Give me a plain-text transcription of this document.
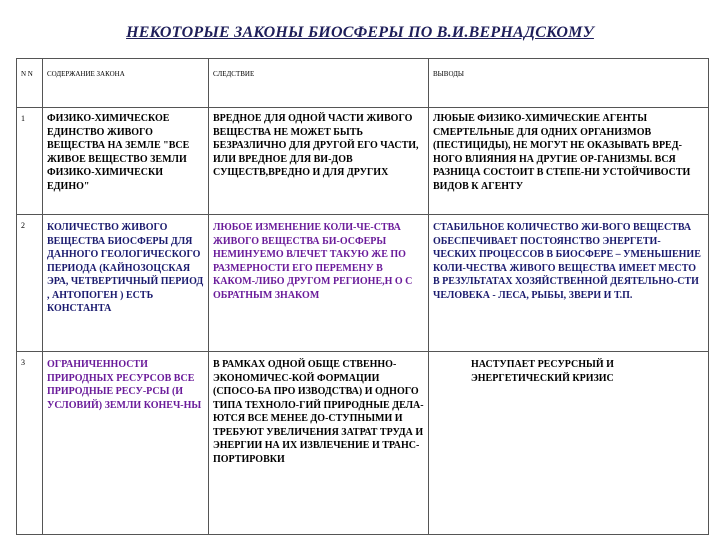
НЕКОТОРЫЕ ЗАКОНЫ БИОСФЕРЫ ПО В.И.ВЕРНАДСКОМУ
N N	СОДЕРЖАНИЕ ЗАКОНА	СЛЕДСТВИЕ	ВЫВОДЫ
1	ФИЗИКО-ХИМИЧЕСКОЕ ЕДИНСТВО ЖИВОГО ВЕЩЕСТВА НА ЗЕМЛЕ "ВСЕ ЖИВОЕ ВЕЩЕСТВО ЗЕМЛИ ФИЗИКО-ХИМИЧЕСКИ ЕДИНО"	ВРЕДНОЕ ДЛЯ ОДНОЙ ЧАСТИ ЖИВОГО ВЕЩЕСТВА НЕ МОЖЕТ БЫТЬ БЕЗРАЗЛИЧНО ДЛЯ ДРУГОЙ ЕГО ЧАСТИ, ИЛИ ВРЕДНОЕ ДЛЯ ВИ-ДОВ СУЩЕСТВ,ВРЕДНО И ДЛЯ ДРУГИХ	ЛЮБЫЕ ФИЗИКО-ХИМИЧЕСКИЕ АГЕНТЫ СМЕРТЕЛЬНЫЕ ДЛЯ ОДНИХ ОРГАНИЗМОВ (ПЕСТИЦИДЫ), НЕ МОГУТ НЕ ОКАЗЫВАТЬ ВРЕД-НОГО ВЛИЯНИЯ НА ДРУГИЕ ОР-ГАНИЗМЫ. ВСЯ РАЗНИЦА СОСТОИТ В СТЕПЕ-НИ УСТОЙЧИВОСТИ ВИДОВ К АГЕНТУ
2	КОЛИЧЕСТВО ЖИВОГО ВЕЩЕСТВА БИОСФЕРЫ ДЛЯ ДАННОГО ГЕОЛОГИЧЕСКОГО ПЕРИОДА (КАЙНОЗОЦСКАЯ ЭРА, ЧЕТВЕРТИЧНЫЙ ПЕРИОД , АНТОПОГЕН ) ЕСТЬ КОНСТАНТА	ЛЮБОЕ ИЗМЕНЕНИЕ КОЛИ-ЧЕ-СТВА ЖИВОГО ВЕЩЕСТВА БИ-ОСФЕРЫ НЕМИНУЕМО ВЛЕЧЕТ ТАКУЮ ЖЕ ПО РАЗМЕРНОСТИ ЕГО ПЕРЕМЕНУ В КАКОМ-ЛИБО ДРУГОМ РЕГИОНЕ,Н О С ОБРАТНЫМ ЗНАКОМ	СТАБИЛЬНОЕ КОЛИЧЕСТВО ЖИ-ВОГО ВЕЩЕСТВА ОБЕСПЕЧИВАЕТ ПОСТОЯНСТВО ЭНЕРГЕТИ-ЧЕСКИХ ПРОЦЕССОВ В БИОСФЕРЕ – УМЕНЬШЕНИЕ КОЛИ-ЧЕСТВА ЖИВОГО ВЕЩЕСТВА ИМЕЕТ МЕСТО В РЕЗУЛЬТАТАХ ХОЗЯЙСТВЕННОЙ ДЕЯТЕЛЬНО-СТИ ЧЕЛОВЕКА - ЛЕСА, РЫБЫ, ЗВЕРИ И Т.П.
3	ОГРАНИЧЕННОСТИ ПРИРОДНЫХ РЕСУРСОВ ВСЕ ПРИРОДНЫЕ РЕСУ-РСЫ (И УСЛОВИЙ) ЗЕМЛИ КОНЕЧ-НЫ	В РАМКАХ ОДНОЙ ОБЩЕ СТВЕННО-ЭКОНОМИЧЕС-КОЙ ФОРМАЦИИ (СПОСО-БА ПРО ИЗВОДСТВА) И ОДНОГО ТИПА ТЕХНОЛО-ГИЙ ПРИРОДНЫЕ ДЕЛА-ЮТСЯ ВСЕ МЕНЕЕ ДО-СТУПНЫМИ И ТРЕБУЮТ УВЕЛИЧЕНИЯ ЗАТРАТ ТРУДА И ЭНЕРГИИ НА ИХ ИЗВЛЕЧЕНИЕ И ТРАНС-ПОРТИРОВКИ	НАСТУПАЕТ РЕСУРСНЫЙ И ЭНЕРГЕТИЧЕСКИЙ КРИЗИС
